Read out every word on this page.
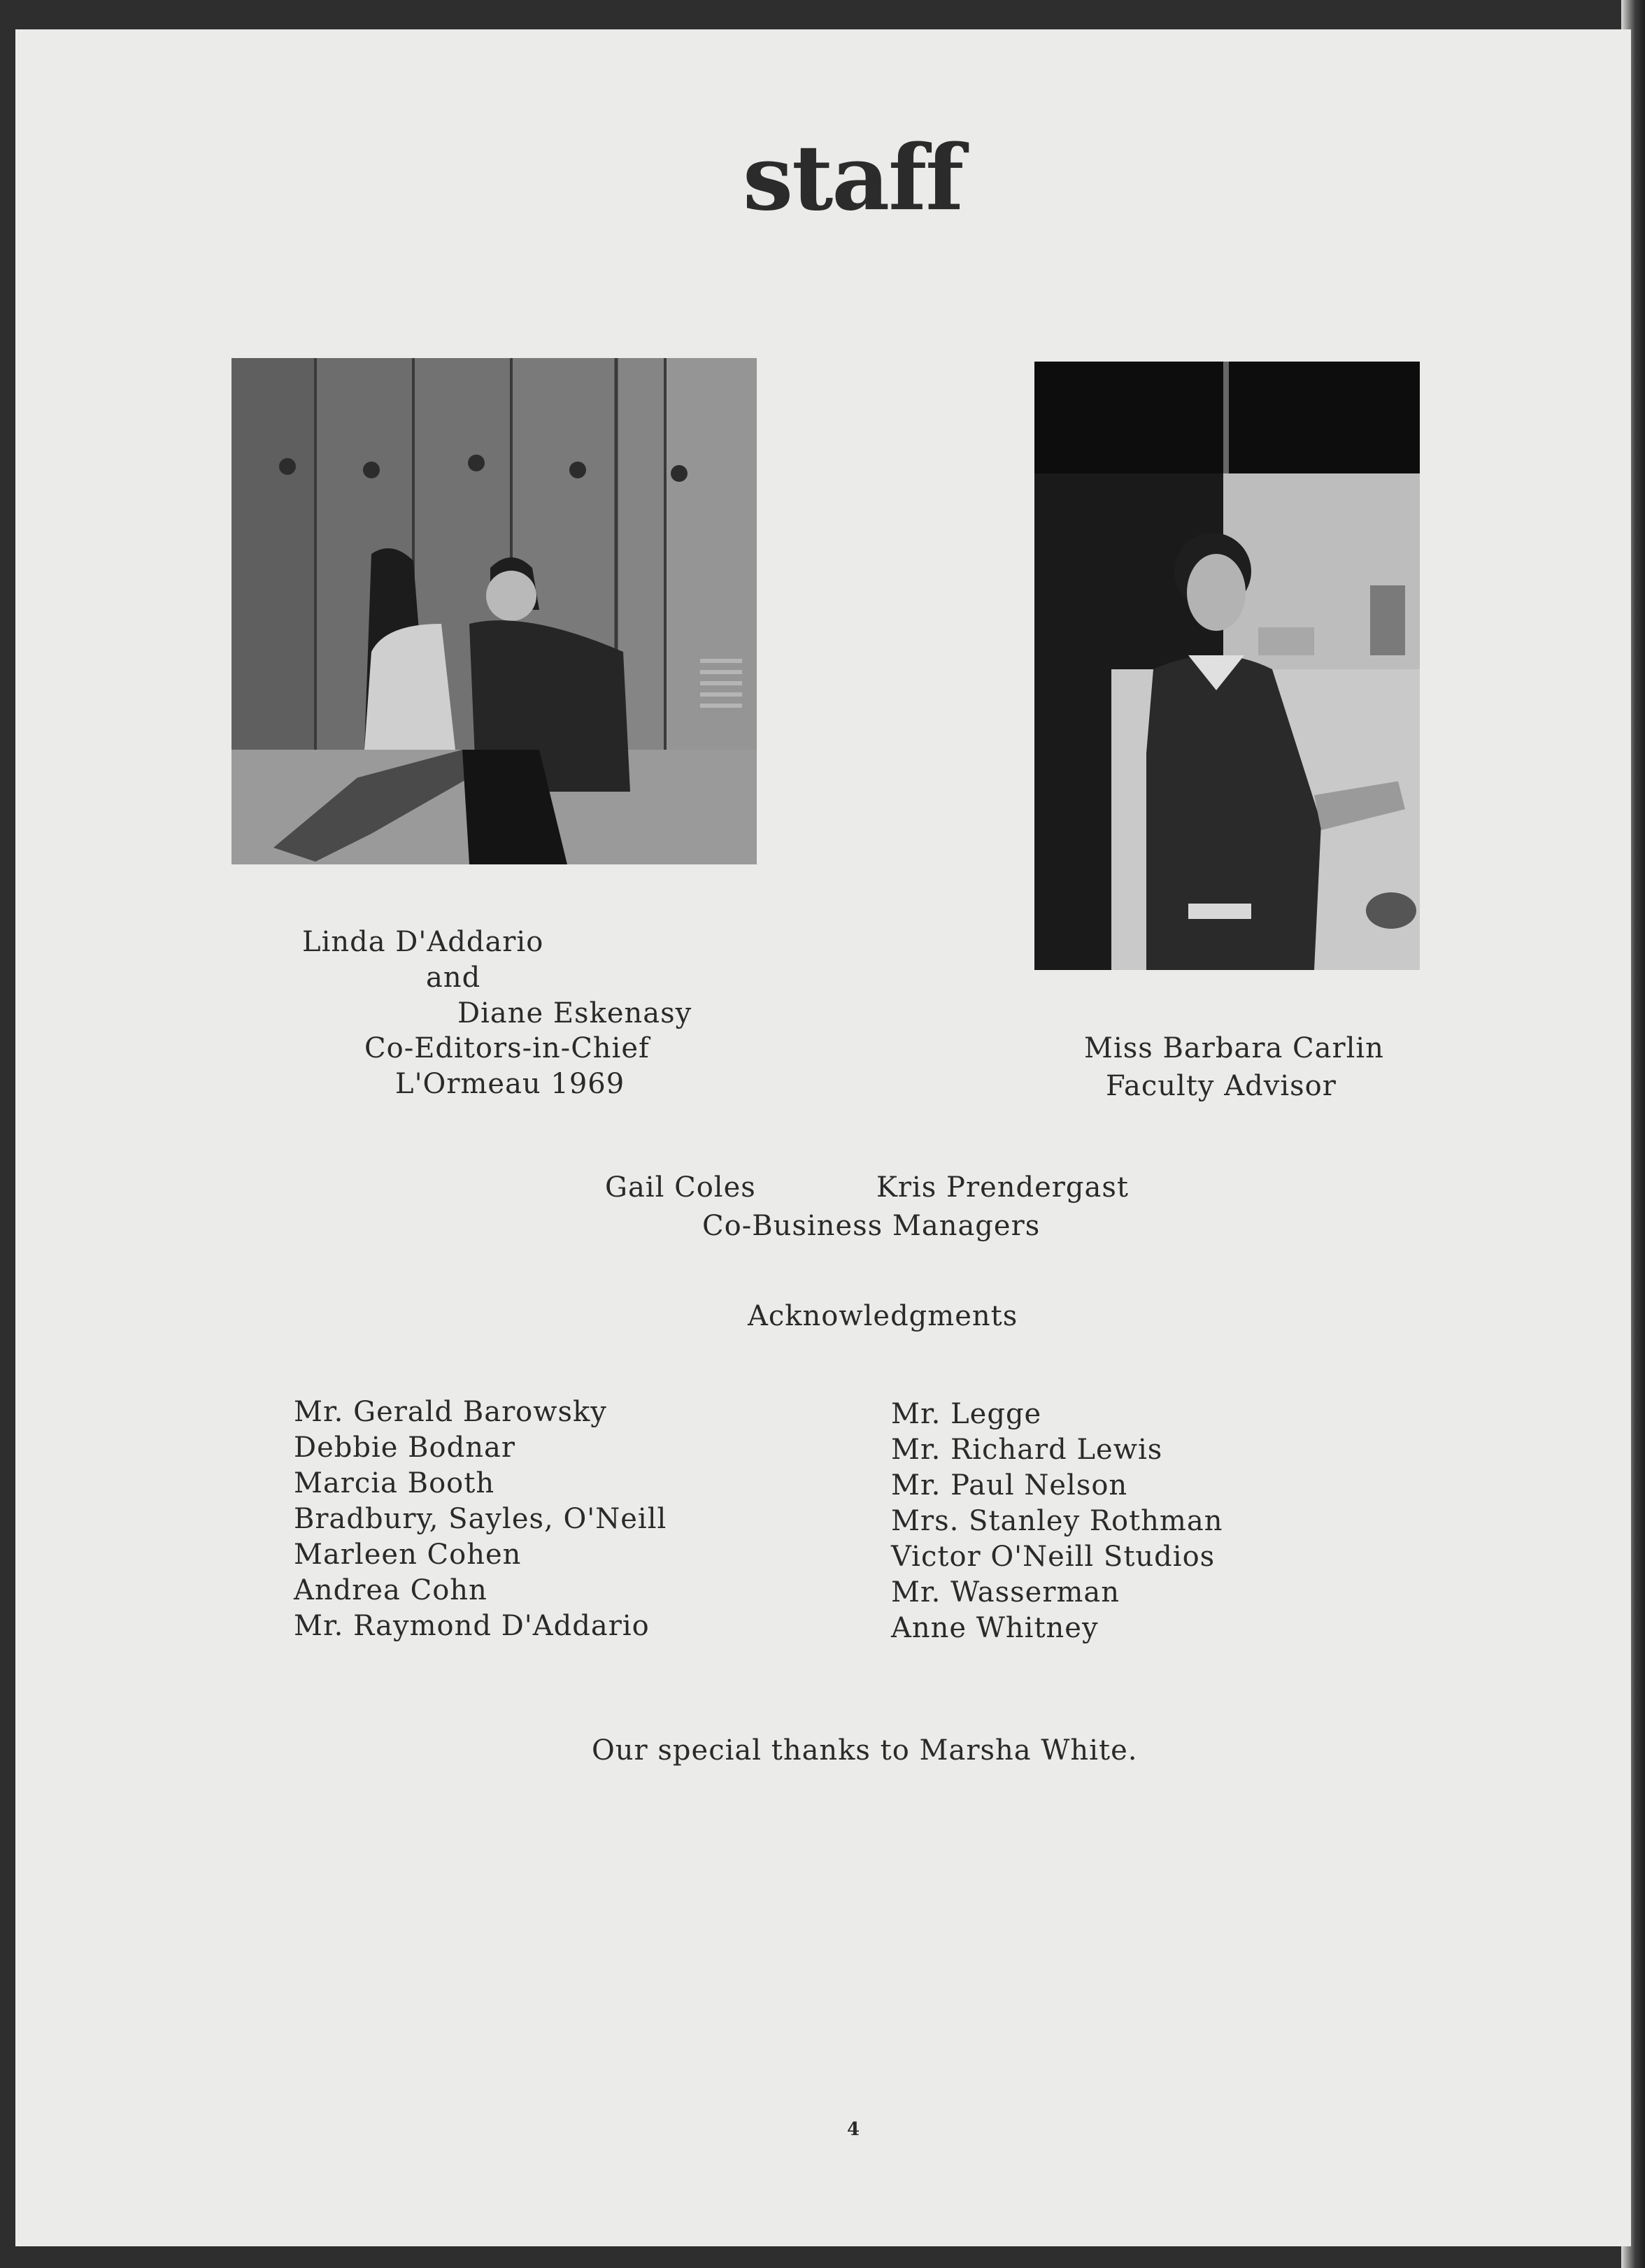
staff
Linda D'Addario
and
Diane Eskenasy
Co-Editors-in-Chief
L'Ormeau 1969
Miss Barbara Carlin
Faculty Advisor
Gail Coles	Kris Prendergast
Co-Business Managers
Acknowledgments
Mr. Gerald Barowsky
Debbie Bodnar
Marcia Booth
Bradbury, Sayles, O'Neill
Marleen Cohen
Andrea Cohn
Mr. Raymond D'Addario
Mr. Legge
Mr. Richard Lewis
Mr. Paul Nelson
Mrs. Stanley Rothman
Victor O'Neill Studios
Mr. Wasserman
Anne Whitney
Our special thanks to Marsha White.
4
